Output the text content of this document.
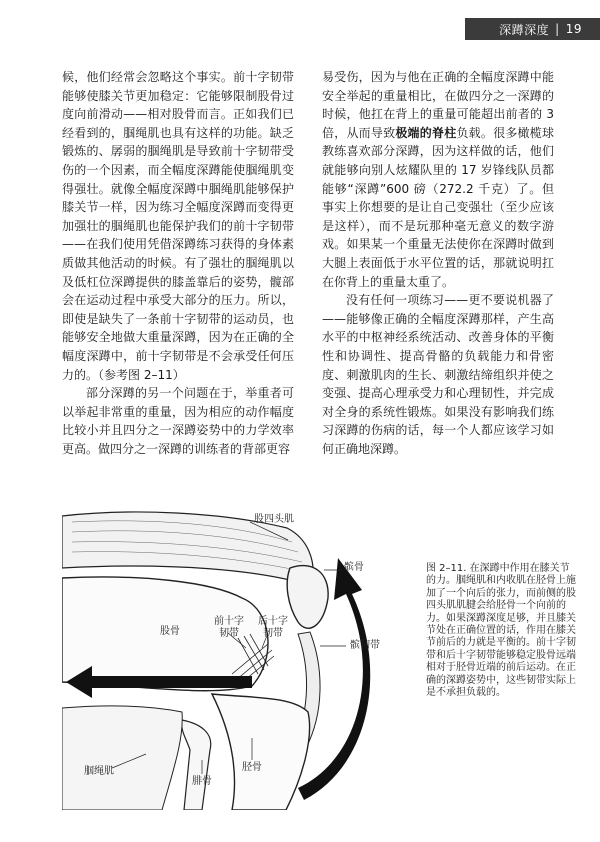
深蹲深度 | 19

候，他们经常会忽略这个事实。前十字韧带能够使膝关节更加稳定：它能够限制股骨过度向前滑动——相对股骨而言。正如我们已经看到的，腘绳肌也具有这样的功能。缺乏锻炼的、孱弱的腘绳肌是导致前十字韧带受伤的一个因素，而全幅度深蹲能使腘绳肌变得强壮。就像全幅度深蹲中腘绳肌能够保护膝关节一样，因为练习全幅度深蹲而变得更加强壮的腘绳肌也能保护我们的前十字韧带——在我们使用凭借深蹲练习获得的身体素质做其他活动的时候。有了强壮的腘绳肌以及低杠位深蹲提供的膝盖靠后的姿势，髋部会在运动过程中承受大部分的压力。所以，即使是缺失了一条前十字韧带的运动员，也能够安全地做大重量深蹲，因为在正确的全幅度深蹲中，前十字韧带是不会承受任何压力的。（参考图 2–11）

部分深蹲的另一个问题在于，举重者可以举起非常重的重量，因为相应的动作幅度比较小并且四分之一深蹲姿势中的力学效率更高。做四分之一深蹲的训练者的背部更容

易受伤，因为与他在正确的全幅度深蹲中能安全举起的重量相比，在做四分之一深蹲的时候，他扛在背上的重量可能超出前者的 3 倍，从而导致极端的脊柱负载。很多橄榄球教练喜欢部分深蹲，因为这样做的话，他们就能够向别人炫耀队里的 17 岁锋线队员都能够“深蹲”600 磅（272.2 千克）了。但事实上你想要的是让自己变强壮（至少应该是这样），而不是玩那种毫无意义的数字游戏。如果某一个重量无法使你在深蹲时做到大腿上表面低于水平位置的话，那就说明扛在你背上的重量太重了。

没有任何一项练习——更不要说机器了——能够像正确的全幅度深蹲那样，产生高水平的中枢神经系统活动、改善身体的平衡性和协调性、提高骨骼的负载能力和骨密度、刺激肌肉的生长、刺激结缔组织并使之变强、提高心理承受力和心理韧性，并完成对全身的系统性锻炼。如果没有影响我们练习深蹲的伤病的话，每一个人都应该学习如何正确地深蹲。

股四头肌
髌骨
股骨
前十字
韧带
后十字
韧带
髌韧带
腘绳肌
腓骨
胫骨
图 2–11. 在深蹲中作用在膝关节的力。腘绳肌和内收肌在胫骨上施加了一个向后的张力，而前侧的股四头肌肌腱会给胫骨一个向前的力。如果深蹲深度足够，并且膝关节处在正确位置的话，作用在膝关节前后的力就是平衡的。前十字韧带和后十字韧带能够稳定股骨远端相对于胫骨近端的前后运动。在正确的深蹲姿势中，这些韧带实际上是不承担负载的。
